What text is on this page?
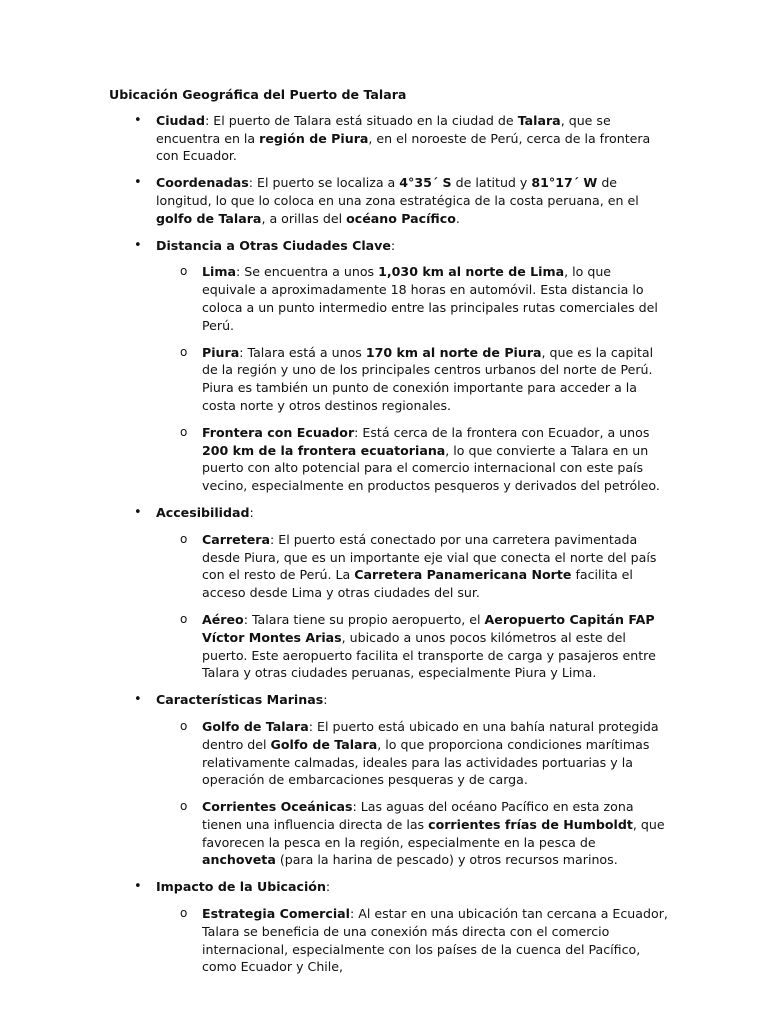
Ubicación Geográfica del Puerto de Talara

• Ciudad: El puerto de Talara está situado en la ciudad de Talara, que se encuentra en la región de Piura, en el noroeste de Perú, cerca de la frontera con Ecuador.
• Coordenadas: El puerto se localiza a 4°35´ S de latitud y 81°17´ W de longitud, lo que lo coloca en una zona estratégica de la costa peruana, en el golfo de Talara, a orillas del océano Pacífico.
• Distancia a Otras Ciudades Clave:
o Lima: Se encuentra a unos 1,030 km al norte de Lima, lo que equivale a aproximadamente 18 horas en automóvil. Esta distancia lo coloca a un punto intermedio entre las principales rutas comerciales del Perú.
o Piura: Talara está a unos 170 km al norte de Piura, que es la capital de la región y uno de los principales centros urbanos del norte de Perú. Piura es también un punto de conexión importante para acceder a la costa norte y otros destinos regionales.
o Frontera con Ecuador: Está cerca de la frontera con Ecuador, a unos 200 km de la frontera ecuatoriana, lo que convierte a Talara en un puerto con alto potencial para el comercio internacional con este país vecino, especialmente en productos pesqueros y derivados del petróleo.
• Accesibilidad:
o Carretera: El puerto está conectado por una carretera pavimentada desde Piura, que es un importante eje vial que conecta el norte del país con el resto de Perú. La Carretera Panamericana Norte facilita el acceso desde Lima y otras ciudades del sur.
o Aéreo: Talara tiene su propio aeropuerto, el Aeropuerto Capitán FAP Víctor Montes Arias, ubicado a unos pocos kilómetros al este del puerto. Este aeropuerto facilita el transporte de carga y pasajeros entre Talara y otras ciudades peruanas, especialmente Piura y Lima.
• Características Marinas:
o Golfo de Talara: El puerto está ubicado en una bahía natural protegida dentro del Golfo de Talara, lo que proporciona condiciones marítimas relativamente calmadas, ideales para las actividades portuarias y la operación de embarcaciones pesqueras y de carga.
o Corrientes Oceánicas: Las aguas del océano Pacífico en esta zona tienen una influencia directa de las corrientes frías de Humboldt, que favorecen la pesca en la región, especialmente en la pesca de anchoveta (para la harina de pescado) y otros recursos marinos.
• Impacto de la Ubicación:
o Estrategia Comercial: Al estar en una ubicación tan cercana a Ecuador, Talara se beneficia de una conexión más directa con el comercio internacional, especialmente con los países de la cuenca del Pacífico, como Ecuador y Chile,
